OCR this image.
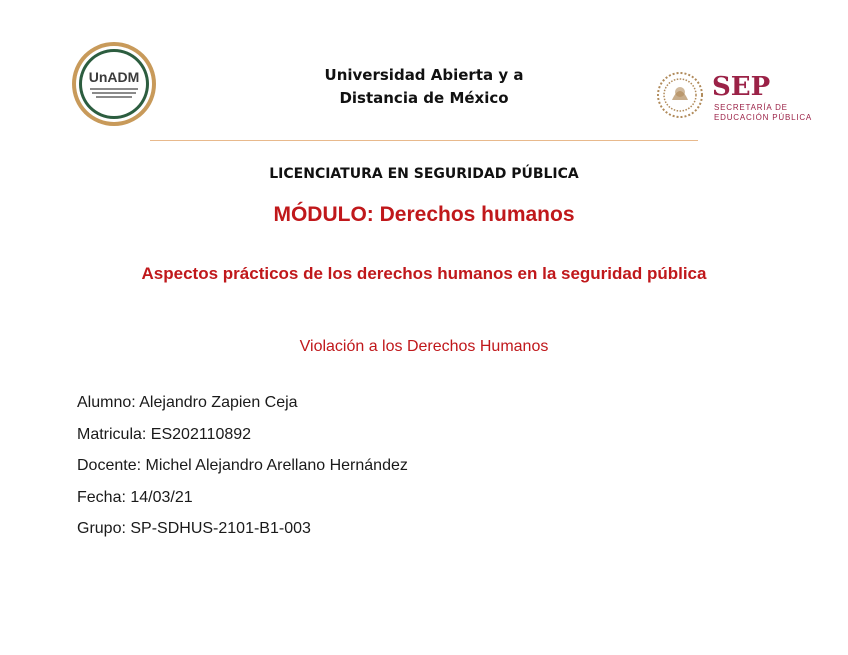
UnADM	Universidad Abierta y a
Distancia de México	SEP
SECRETARÍA DE
EDUCACIÓN PÚBLICA
LICENCIATURA EN SEGURIDAD PÚBLICA
MÓDULO: Derechos humanos
Aspectos prácticos de los derechos humanos en la seguridad pública
Violación a los Derechos Humanos
Alumno: Alejandro Zapien Ceja
Matricula: ES202110892
Docente: Michel Alejandro Arellano Hernández
Fecha: 14/03/21
Grupo: SP-SDHUS-2101-B1-003
